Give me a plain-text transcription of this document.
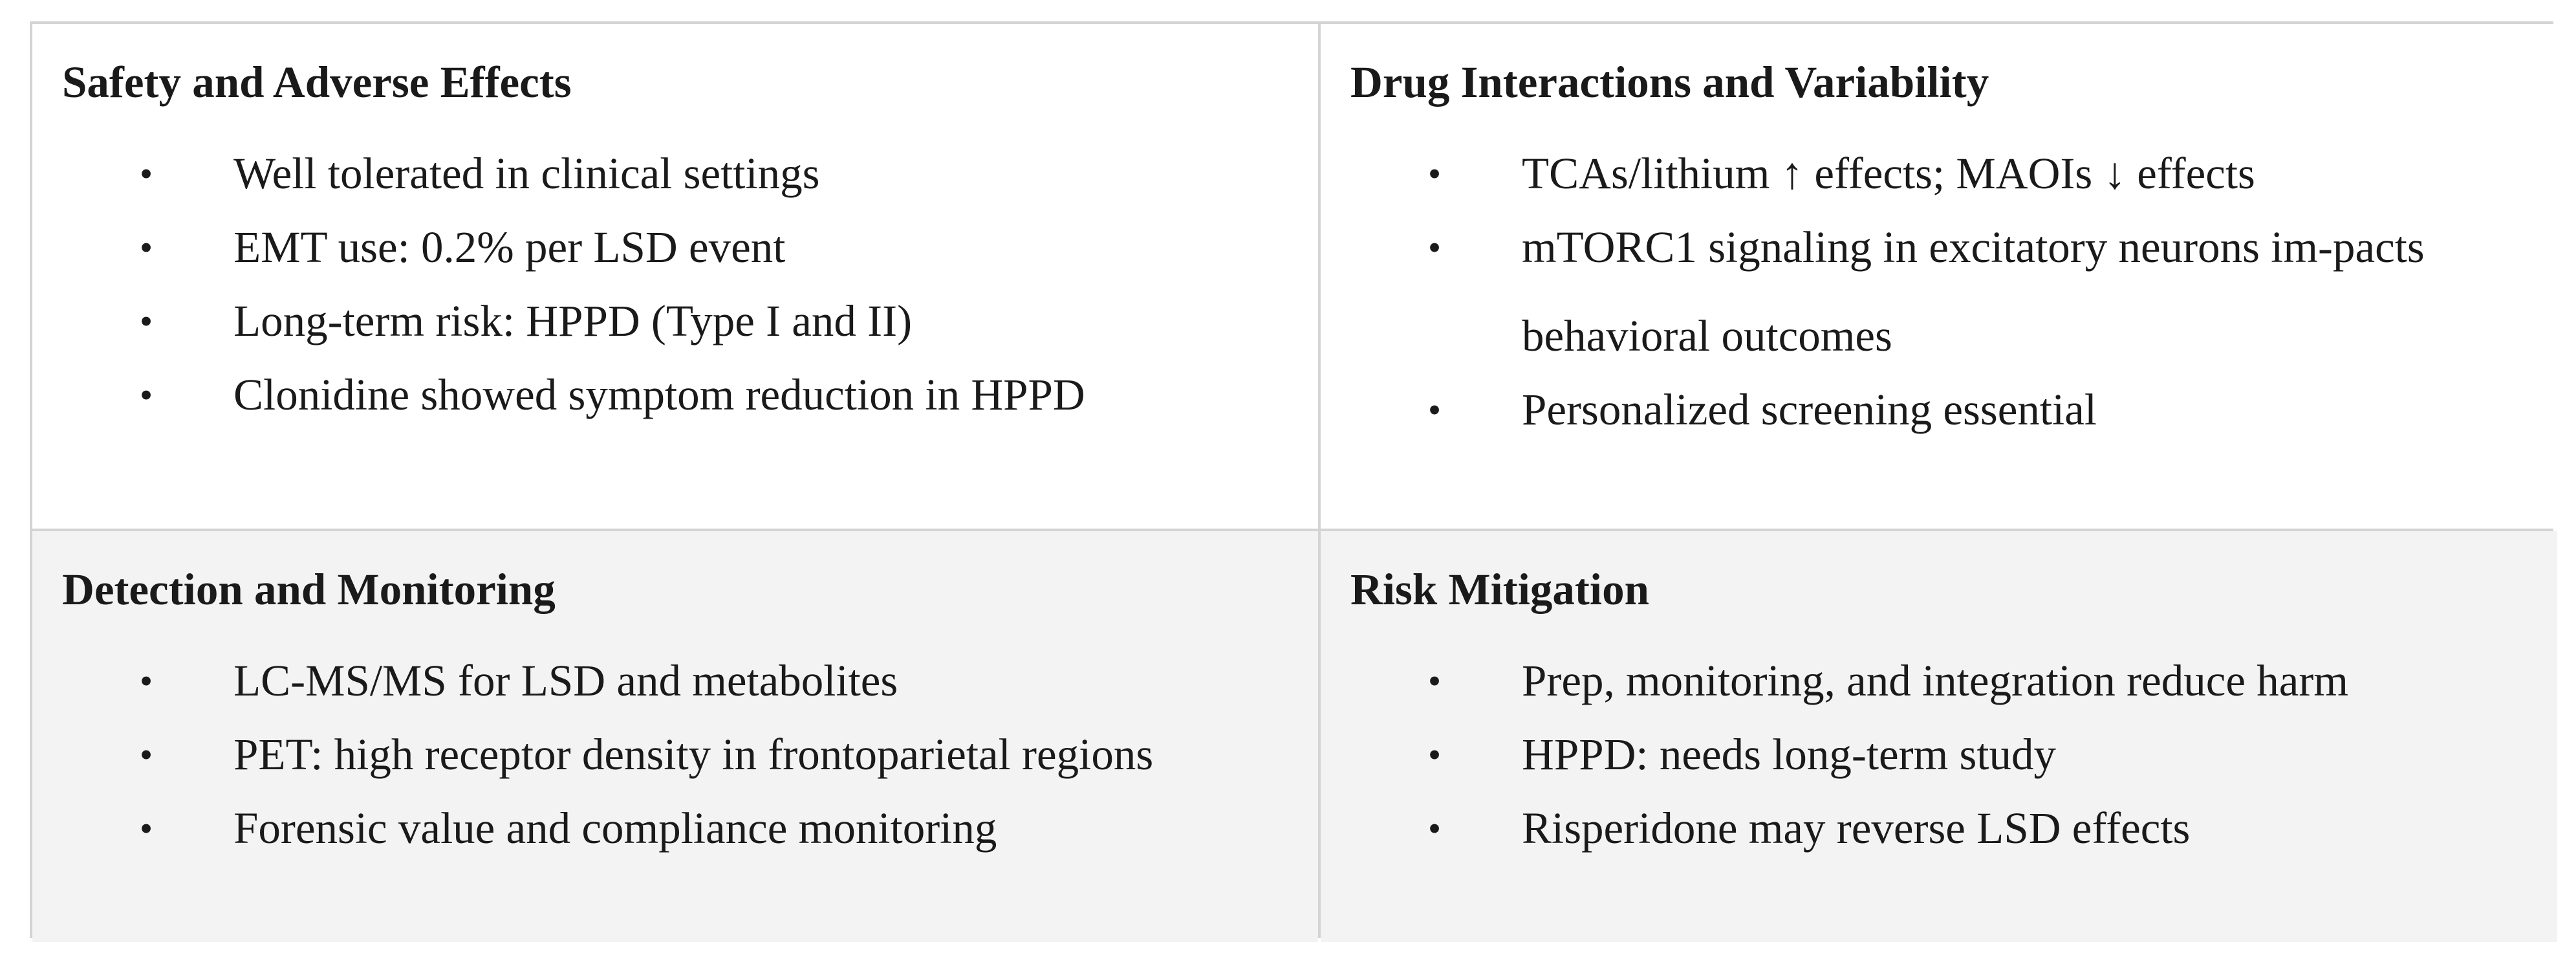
Safety and Adverse Effects
• Well tolerated in clinical settings
• EMT use: 0.2% per LSD event
• Long-term risk: HPPD (Type I and II)
• Clonidine showed symptom reduction in HPPD
Drug Interactions and Variability
• TCAs/lithium ↑ effects; MAOIs ↓ effects
• mTORC1 signaling in excitatory neurons im-pacts behavioral outcomes
• Personalized screening essential
Detection and Monitoring
• LC-MS/MS for LSD and metabolites
• PET: high receptor density in frontoparietal regions
• Forensic value and compliance monitoring
Risk Mitigation
• Prep, monitoring, and integration reduce harm
• HPPD: needs long-term study
• Risperidone may reverse LSD effects
